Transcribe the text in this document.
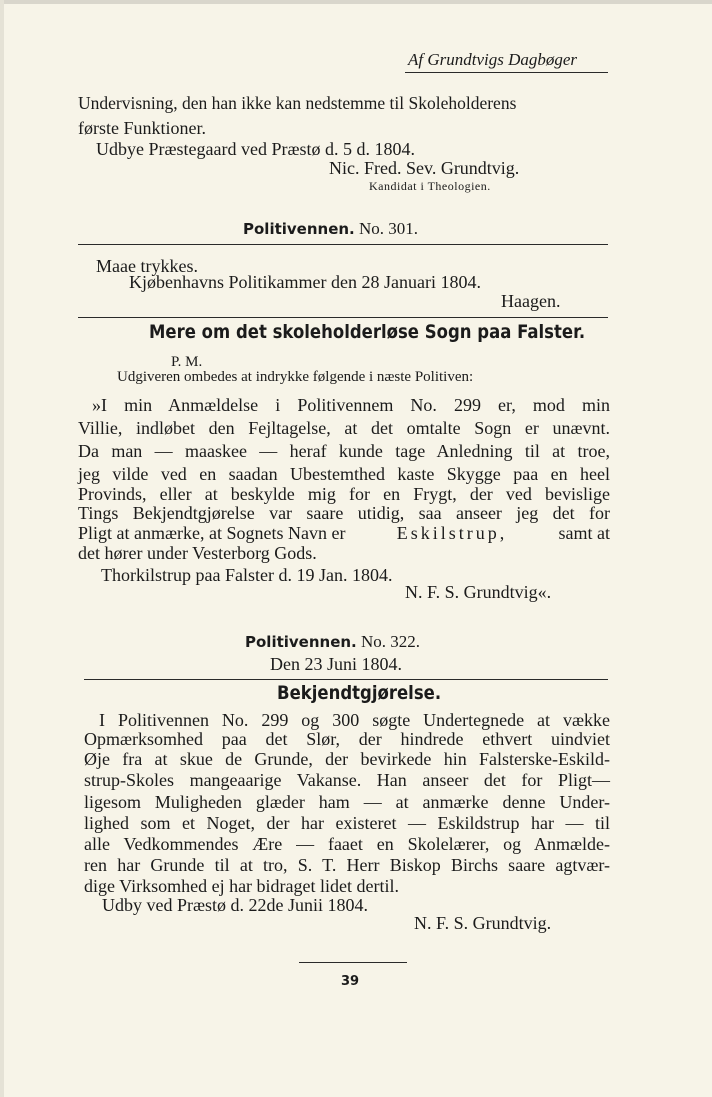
Af Grundtvigs Dagbøger
Undervisning, den han ikke kan nedstemme til Skoleholderens
første Funktioner.
Udbye Præstegaard ved Præstø d. 5 d. 1804.
Nic. Fred. Sev. Grundtvig.
Kandidat i Theologien.
Politivennen. No. 301.
Maae trykkes.
Kjøbenhavns Politikammer den 28 Januari 1804.
Haagen.
Mere om det skoleholderløse Sogn paa Falster.
P. M.
Udgiveren ombedes at indrykke følgende i næste Politiven:
»I min Anmældelse i Politivennem No. 299 er, mod min
Villie, indløbet den Fejltagelse, at det omtalte Sogn er unævnt.
Da man — maaskee — heraf kunde tage Anledning til at troe,
jeg vilde ved en saadan Ubestemthed kaste Skygge paa en heel
Provinds, eller at beskylde mig for en Frygt, der ved bevislige
Tings Bekjendtgjørelse var saare utidig, saa anseer jeg det for
Pligt at anmærke, at Sognets Navn er	Eskilstrup,	samt at
det hører under Vesterborg Gods.
Thorkilstrup paa Falster d. 19 Jan. 1804.
N. F. S. Grundtvig«.
Politivennen. No. 322.
Den 23 Juni 1804.
Bekjendtgjørelse.
I Politivennen No. 299 og 300 søgte Undertegnede at vække
Opmærksomhed paa det Slør, der hindrede ethvert uindviet
Øje fra at skue de Grunde, der bevirkede hin Falsterske-Eskild-
strup-Skoles mangeaarige Vakanse. Han anseer det for Pligt—
ligesom Muligheden glæder ham — at anmærke denne Under-
lighed som et Noget, der har existeret — Eskildstrup har — til
alle Vedkommendes Ære — faaet en Skolelærer, og Anmælde-
ren har Grunde til at tro, S. T. Herr Biskop Birchs saare agtvær-
dige Virksomhed ej har bidraget lidet dertil.
Udby ved Præstø d. 22de Junii 1804.
N. F. S. Grundtvig.
39
